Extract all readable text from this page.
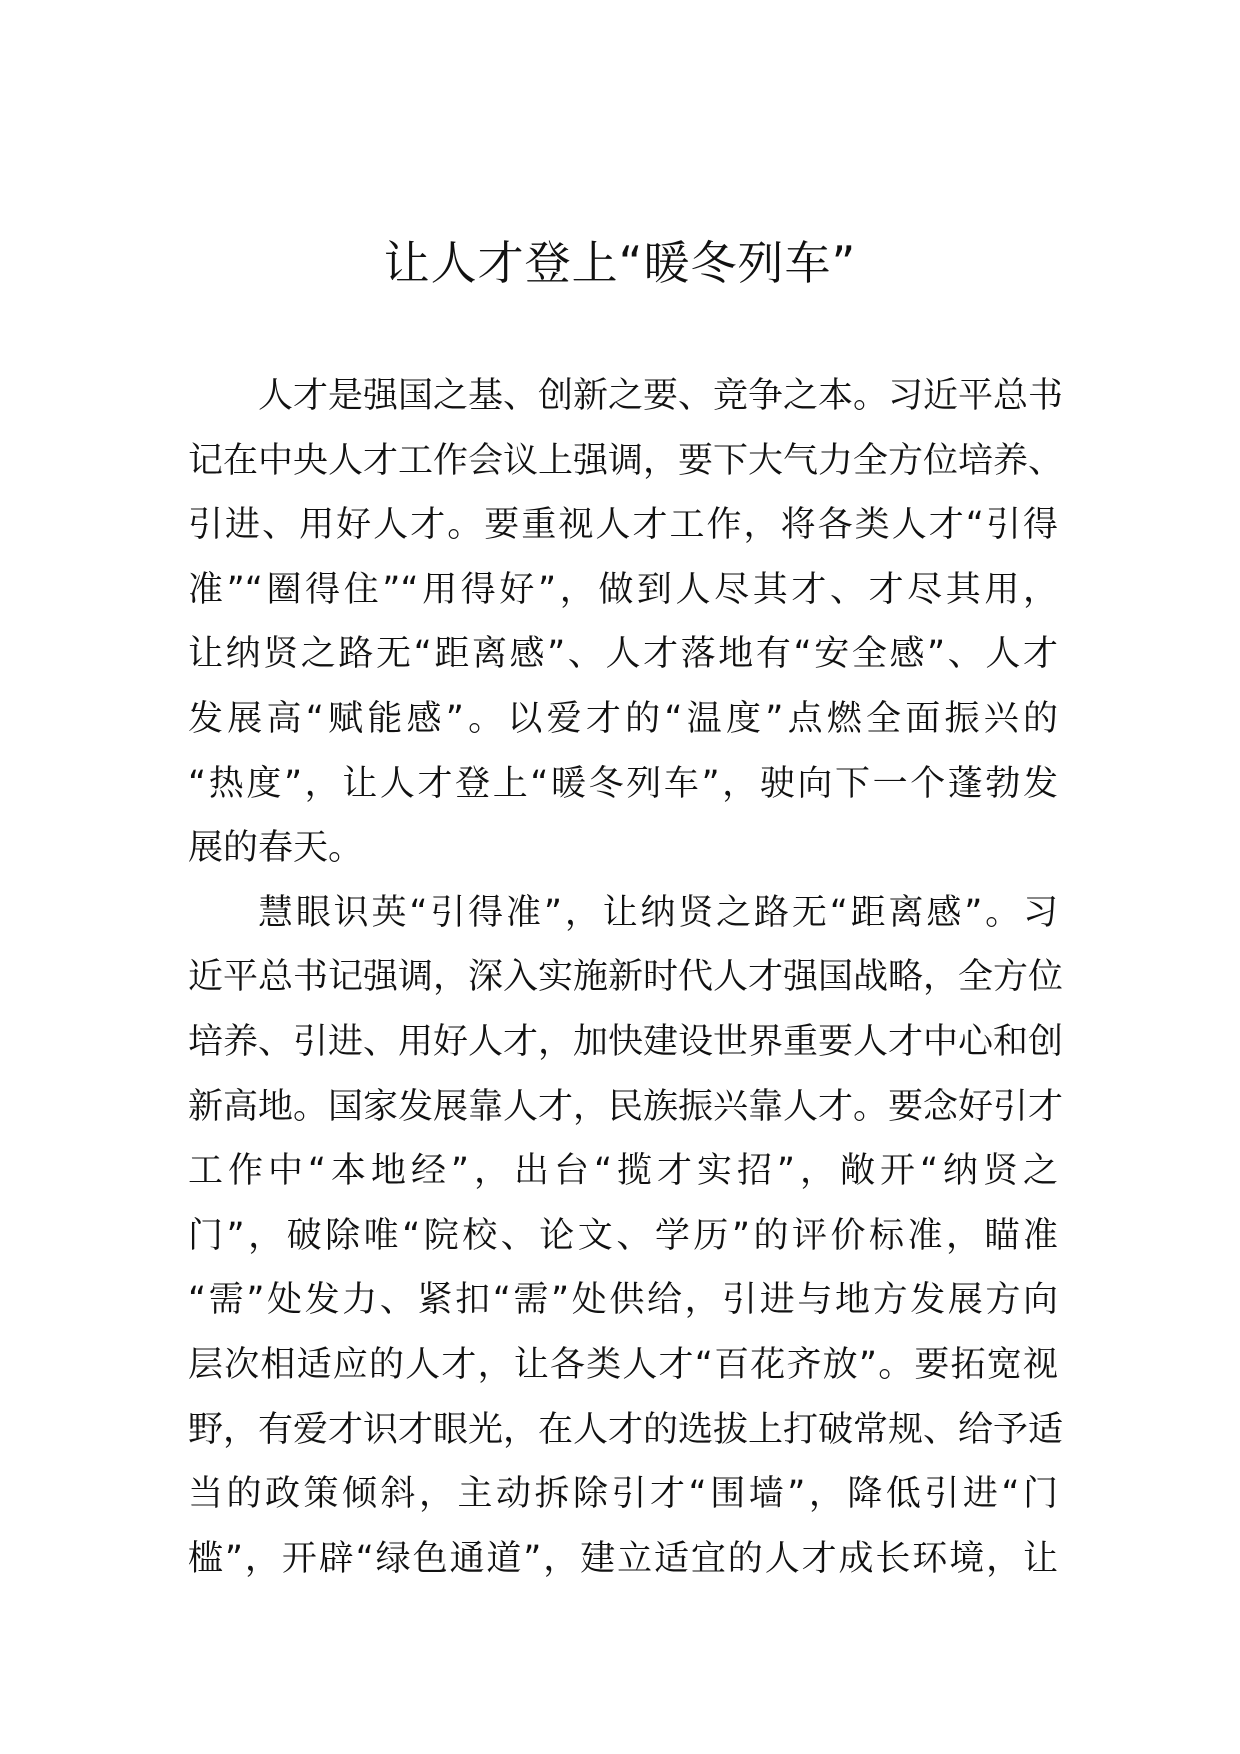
让人才登上“暖冬列车”
人才是强国之基、创新之要、竞争之本。习近平总书
记在中央人才工作会议上强调，要下大气力全方位培养、
引进、用好人才。要重视人才工作，将各类人才“引得
准”“圈得住”“用得好”，做到人尽其才、才尽其用，
让纳贤之路无“距离感”、人才落地有“安全感”、人才
发展高“赋能感”。以爱才的“温度”点燃全面振兴的
“热度”，让人才登上“暖冬列车”，驶向下一个蓬勃发
展的春天。
慧眼识英“引得准”，让纳贤之路无“距离感”。习
近平总书记强调，深入实施新时代人才强国战略，全方位
培养、引进、用好人才，加快建设世界重要人才中心和创
新高地。国家发展靠人才，民族振兴靠人才。要念好引才
工作中“本地经”，出台“揽才实招”，敞开“纳贤之
门”，破除唯“院校、论文、学历”的评价标准，瞄准
“需”处发力、紧扣“需”处供给，引进与地方发展方向
层次相适应的人才，让各类人才“百花齐放”。要拓宽视
野，有爱才识才眼光，在人才的选拔上打破常规、给予适
当的政策倾斜，主动拆除引才“围墙”，降低引进“门
槛”，开辟“绿色通道”，建立适宜的人才成长环境，让
